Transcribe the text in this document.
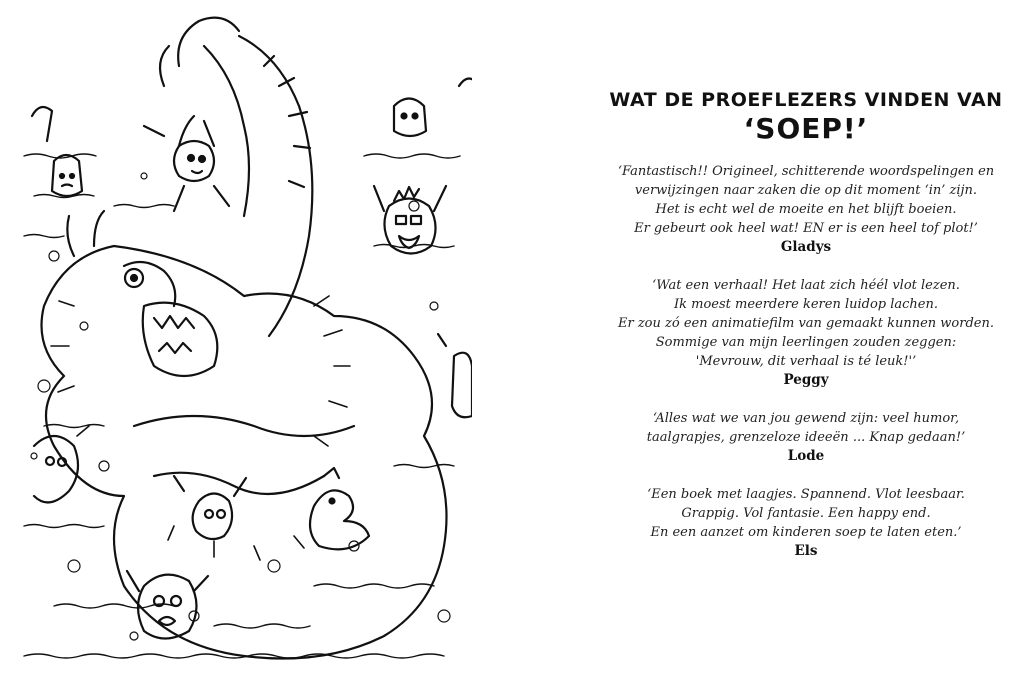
WAT DE PROEFLEZERS VINDEN VAN
‘SOEP!’
‘Fantastisch!! Origineel, schitterende woordspelingen en
verwijzingen naar zaken die op dit moment ‘in’ zijn.
Het is echt wel de moeite en het blijft boeien.
Er gebeurt ook heel wat! EN er is een heel tof plot!’
Gladys
‘Wat een verhaal! Het laat zich héél vlot lezen.
Ik moest meerdere keren luidop lachen.
Er zou zó een animatiefilm van gemaakt kunnen worden.
Sommige van mijn leerlingen zouden zeggen:
'Mevrouw, dit verhaal is té leuk!'’
Peggy
‘Alles wat we van jou gewend zijn: veel humor,
taalgrapjes, grenzeloze ideeën ... Knap gedaan!’
Lode
‘Een boek met laagjes. Spannend. Vlot leesbaar.
Grappig. Vol fantasie. Een happy end.
En een aanzet om kinderen soep te laten eten.’
Els
